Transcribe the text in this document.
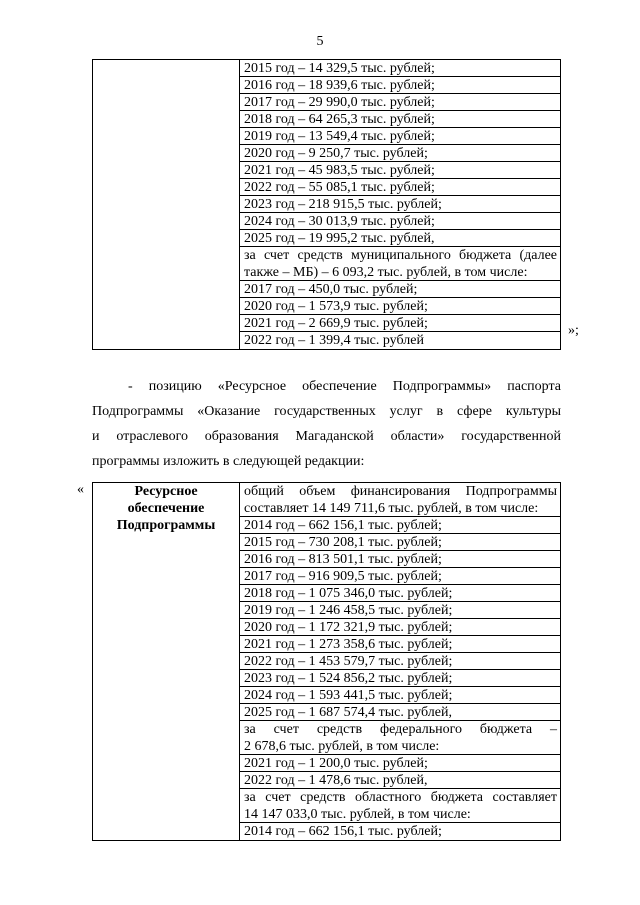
5

2015 год – 14 329,5 тыс. рублей;
2016 год – 18 939,6 тыс. рублей;
2017 год – 29 990,0 тыс. рублей;
2018 год – 64 265,3 тыс. рублей;
2019 год – 13 549,4 тыс. рублей;
2020 год – 9 250,7 тыс. рублей;
2021 год – 45 983,5 тыс. рублей;
2022 год – 55 085,1 тыс. рублей;
2023 год – 218 915,5 тыс. рублей;
2024 год – 30 013,9 тыс. рублей;
2025 год – 19 995,2 тыс. рублей,
за счет средств муниципального бюджета (далее
также – МБ) – 6 093,2 тыс. рублей, в том числе:
2017 год – 450,0 тыс. рублей;
2020 год – 1 573,9 тыс. рублей;
2021 год – 2 669,9 тыс. рублей;
2022 год – 1 399,4 тыс. рублей
»;
- позицию «Ресурсное обеспечение Подпрограммы» паспорта
Подпрограммы «Оказание государственных услуг в сфере культуры
и отраслевого образования Магаданской области» государственной
программы изложить в следующей редакции:
«	Ресурсное
обеспечение
Подпрограммы

общий объем финансирования Подпрограммы
составляет 14 149 711,6 тыс. рублей, в том числе:
2014 год – 662 156,1 тыс. рублей;
2015 год – 730 208,1 тыс. рублей;
2016 год – 813 501,1 тыс. рублей;
2017 год – 916 909,5 тыс. рублей;
2018 год – 1 075 346,0 тыс. рублей;
2019 год – 1 246 458,5 тыс. рублей;
2020 год – 1 172 321,9 тыс. рублей;
2021 год – 1 273 358,6 тыс. рублей;
2022 год – 1 453 579,7 тыс. рублей;
2023 год – 1 524 856,2 тыс. рублей;
2024 год – 1 593 441,5 тыс. рублей;
2025 год – 1 687 574,4 тыс. рублей,
за счет средств федерального бюджета –
2 678,6 тыс. рублей, в том числе:
2021 год – 1 200,0 тыс. рублей;
2022 год – 1 478,6 тыс. рублей,
за счет средств областного бюджета составляет
14 147 033,0 тыс. рублей, в том числе:
2014 год – 662 156,1 тыс. рублей;
